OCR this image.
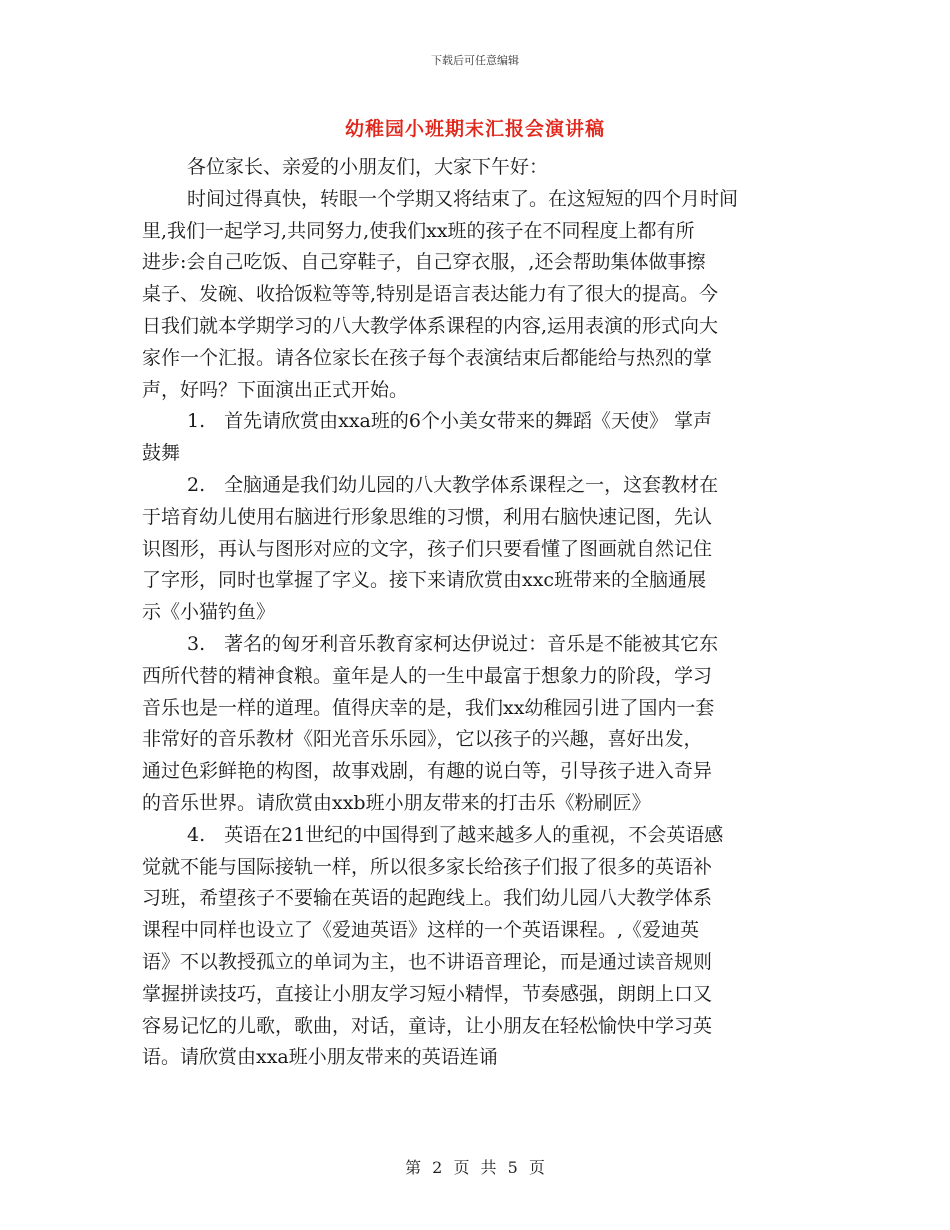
下载后可任意编辑
幼稚园小班期末汇报会演讲稿
各位家长、亲爱的小朋友们，大家下午好：
时间过得真快，转眼一个学期又将结束了。在这短短的四个月时间
里,我们一起学习,共同努力,使我们xx班的孩子在不同程度上都有所
进步:会自己吃饭、自己穿鞋子，自己穿衣服，,还会帮助集体做事擦
桌子、发碗、收拾饭粒等等,特别是语言表达能力有了很大的提高。今
日我们就本学期学习的八大教学体系课程的内容,运用表演的形式向大
家作一个汇报。请各位家长在孩子每个表演结束后都能给与热烈的掌
声，好吗？下面演出正式开始。
1.　首先请欣赏由xxa班的6个小美女带来的舞蹈《天使》 掌声
鼓舞
2.　全脑通是我们幼儿园的八大教学体系课程之一，这套教材在
于培育幼儿使用右脑进行形象思维的习惯，利用右脑快速记图，先认
识图形，再认与图形对应的文字，孩子们只要看懂了图画就自然记住
了字形，同时也掌握了字义。接下来请欣赏由xxc班带来的全脑通展
示《小猫钓鱼》
3.　著名的匈牙利音乐教育家柯达伊说过：音乐是不能被其它东
西所代替的精神食粮。童年是人的一生中最富于想象力的阶段，学习
音乐也是一样的道理。值得庆幸的是，我们xx幼稚园引进了国内一套
非常好的音乐教材《阳光音乐乐园》，它以孩子的兴趣，喜好出发，
通过色彩鲜艳的构图，故事戏剧，有趣的说白等，引导孩子进入奇异
的音乐世界。请欣赏由xxb班小朋友带来的打击乐《粉刷匠》
4.　英语在21世纪的中国得到了越来越多人的重视，不会英语感
觉就不能与国际接轨一样，所以很多家长给孩子们报了很多的英语补
习班，希望孩子不要输在英语的起跑线上。我们幼儿园八大教学体系
课程中同样也设立了《爱迪英语》这样的一个英语课程。,《爱迪英
语》不以教授孤立的单词为主，也不讲语音理论，而是通过读音规则
掌握拼读技巧，直接让小朋友学习短小精悍，节奏感强，朗朗上口又
容易记忆的儿歌，歌曲，对话，童诗，让小朋友在轻松愉快中学习英
语。请欣赏由xxa班小朋友带来的英语连诵
第 2 页 共 5 页
